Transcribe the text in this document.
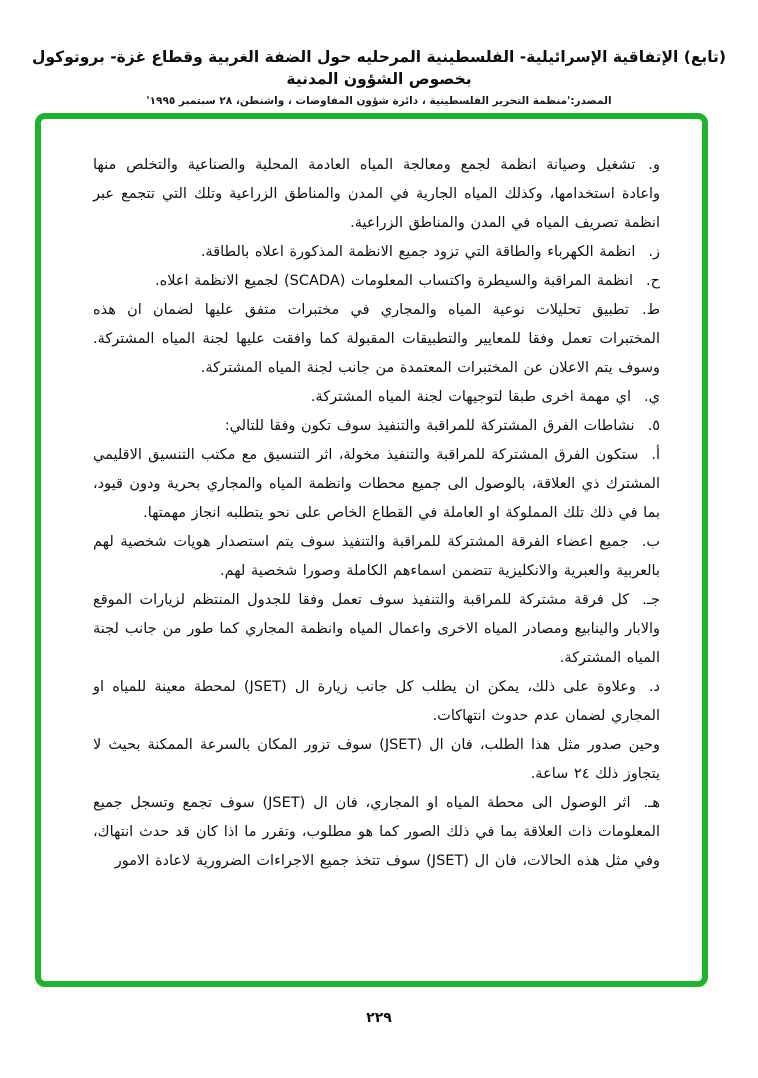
(تابع) الإتفاقية الإسرائيلية- الفلسطينية المرحليه حول الضفة الغربية وقطاع غزة- بروتوكول بخصوص الشؤون المدنية
المصدر:'منظمة التحرير الفلسطينية ، دائرة شؤون المفاوضات ، واشنطن، ٢٨ سبتمبر ١٩٩٥'
و.تشغيل وصيانة انظمة لجمع ومعالجة المياه العادمة المحلية والصناعية والتخلص منها واعادة استخدامها، وكذلك المياه الجارية في المدن والمناطق الزراعية وتلك التي تتجمع عبر انظمة تصريف المياه في المدن والمناطق الزراعية.
ز.انظمة الكهرباء والطاقة التي تزود جميع الانظمة المذكورة اعلاه بالطاقة.
ح.انظمة المراقبة والسيطرة واكتساب المعلومات (SCADA) لجميع الانظمة اعلاه.
ط.تطبيق تحليلات نوعية المياه والمجاري في مختبرات متفق عليها لضمان ان هذه المختبرات تعمل وفقا للمعايير والتطبيقات المقبولة كما وافقت عليها لجنة المياه المشتركة. وسوف يتم الاعلان عن المختبرات المعتمدة من جانب لجنة المياه المشتركة.
ي.اي مهمة اخرى طبقا لتوجيهات لجنة المياه المشتركة.
٥.نشاطات الفرق المشتركة للمراقبة والتنفيذ سوف تكون وفقا للتالي:
أ.ستكون الفرق المشتركة للمراقبة والتنفيذ مخولة، اثر التنسيق مع مكتب التنسيق الاقليمي المشترك ذي العلاقة، بالوصول الى جميع محطات وانظمة المياه والمجاري بحرية ودون قيود، بما في ذلك تلك المملوكة او العاملة في القطاع الخاص على نحو يتطلبه انجاز مهمتها.
ب.جميع اعضاء الفرقة المشتركة للمراقبة والتنفيذ سوف يتم استصدار هويات شخصية لهم بالعربية والعبرية والانكليزية تتضمن اسماءهم الكاملة وصورا شخصية لهم.
جـ.كل فرقة مشتركة للمراقبة والتنفيذ سوف تعمل وفقا للجدول المنتظم لزيارات الموقع والابار والينابيع ومصادر المياه الاخرى واعمال المياه وانظمة المجاري كما طور من جانب لجنة المياه المشتركة.
د.وعلاوة على ذلك، يمكن ان يطلب كل جانب زيارة ال (JSET) لمحطة معينة للمياه او المجاري لضمان عدم حدوث انتهاكات.
وحين صدور مثل هذا الطلب، فان ال (JSET) سوف تزور المكان بالسرعة الممكنة بحيث لا يتجاوز ذلك ٢٤ ساعة.
هـ.اثر الوصول الى محطة المياه او المجاري، فان ال (JSET) سوف تجمع وتسجل جميع المعلومات ذات العلاقة بما في ذلك الصور كما هو مطلوب، وتقرر ما اذا كان قد حدث انتهاك، وفي مثل هذه الحالات، فان ال (JSET) سوف تتخذ جميع الاجراءات الضرورية لاعادة الامور
٢٢٩
